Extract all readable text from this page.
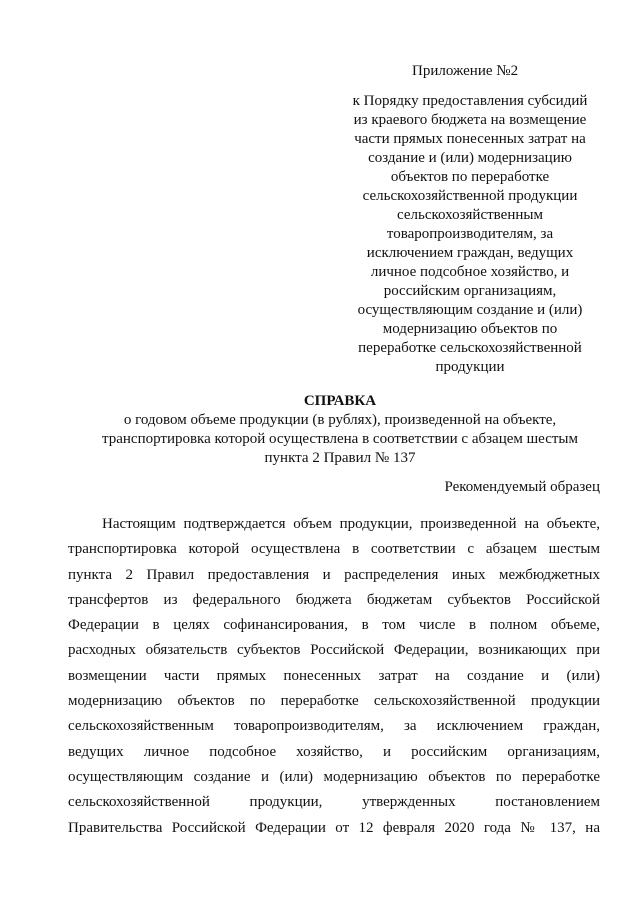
Приложение №2
к Порядку предоставления субсидий
из краевого бюджета на возмещение
части прямых понесенных затрат на
создание и (или) модернизацию
объектов по переработке
сельскохозяйственной продукции
сельскохозяйственным
товаропроизводителям, за
исключением граждан, ведущих
личное подсобное хозяйство, и
российским организациям,
осуществляющим создание и (или)
модернизацию объектов по
переработке сельскохозяйственной
продукции
СПРАВКА
о годовом объеме продукции (в рублях), произведенной на объекте,
транспортировка которой осуществлена в соответствии с абзацем шестым
пункта 2 Правил № 137
Рекомендуемый образец
Настоящим подтверждается объем продукции, произведенной на объекте,
транспортировка которой осуществлена в соответствии с абзацем шестым
пункта 2 Правил предоставления и распределения иных межбюджетных
трансфертов из федерального бюджета бюджетам субъектов Российской
Федерации в целях софинансирования, в том числе в полном объеме,
расходных обязательств субъектов Российской Федерации, возникающих при
возмещении части прямых понесенных затрат на создание и (или)
модернизацию объектов по переработке сельскохозяйственной продукции
сельскохозяйственным товаропроизводителям, за исключением граждан,
ведущих личное подсобное хозяйство, и российским организациям,
осуществляющим создание и (или) модернизацию объектов по переработке
сельскохозяйственной продукции, утвержденных постановлением
Правительства Российской Федерации от 12 февраля 2020 года № 137, на
